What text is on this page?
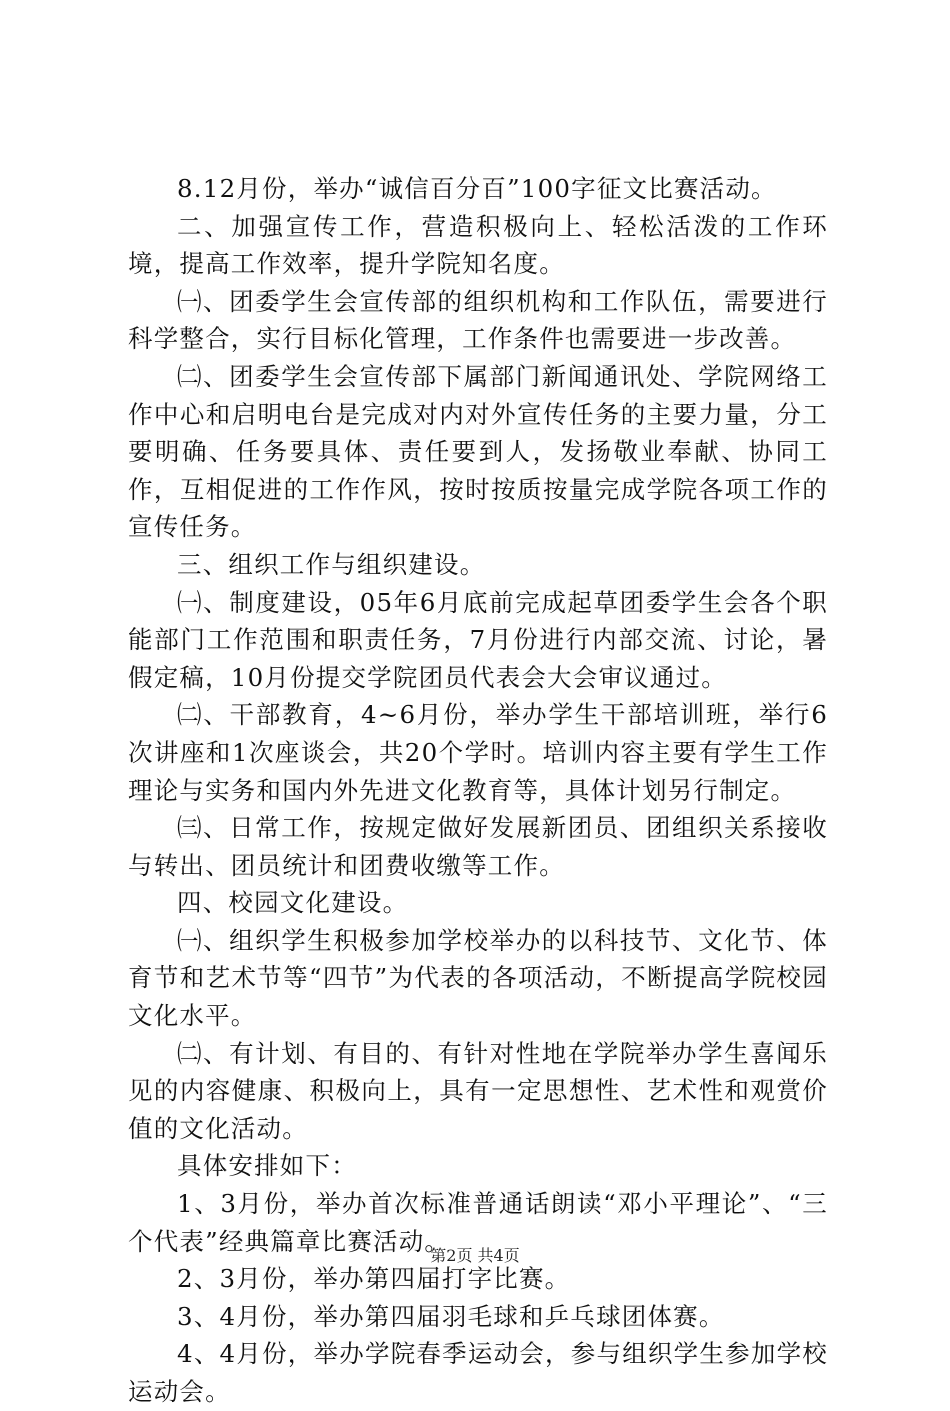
8.12月份，举办“诚信百分百”100字征文比赛活动。

二、加强宣传工作，营造积极向上、轻松活泼的工作环境，提高工作效率，提升学院知名度。

㈠、团委学生会宣传部的组织机构和工作队伍，需要进行科学整合，实行目标化管理，工作条件也需要进一步改善。

㈡、团委学生会宣传部下属部门新闻通讯处、学院网络工作中心和启明电台是完成对内对外宣传任务的主要力量，分工要明确、任务要具体、责任要到人，发扬敬业奉献、协同工作，互相促进的工作作风，按时按质按量完成学院各项工作的宣传任务。

三、组织工作与组织建设。

㈠、制度建设，05年6月底前完成起草团委学生会各个职能部门工作范围和职责任务，7月份进行内部交流、讨论，暑假定稿，10月份提交学院团员代表会大会审议通过。

㈡、干部教育，4~6月份，举办学生干部培训班，举行6次讲座和1次座谈会，共20个学时。培训内容主要有学生工作理论与实务和国内外先进文化教育等，具体计划另行制定。

㈢、日常工作，按规定做好发展新团员、团组织关系接收与转出、团员统计和团费收缴等工作。

四、校园文化建设。

㈠、组织学生积极参加学校举办的以科技节、文化节、体育节和艺术节等“四节”为代表的各项活动，不断提高学院校园文化水平。

㈡、有计划、有目的、有针对性地在学院举办学生喜闻乐见的内容健康、积极向上，具有一定思想性、艺术性和观赏价值的文化活动。

具体安排如下：

1、3月份，举办首次标准普通话朗读“邓小平理论”、“三个代表”经典篇章比赛活动。

2、3月份，举办第四届打字比赛。

3、4月份，举办第四届羽毛球和乒乓球团体赛。

4、4月份，举办学院春季运动会，参与组织学生参加学校运动会。

第2页 共4页
